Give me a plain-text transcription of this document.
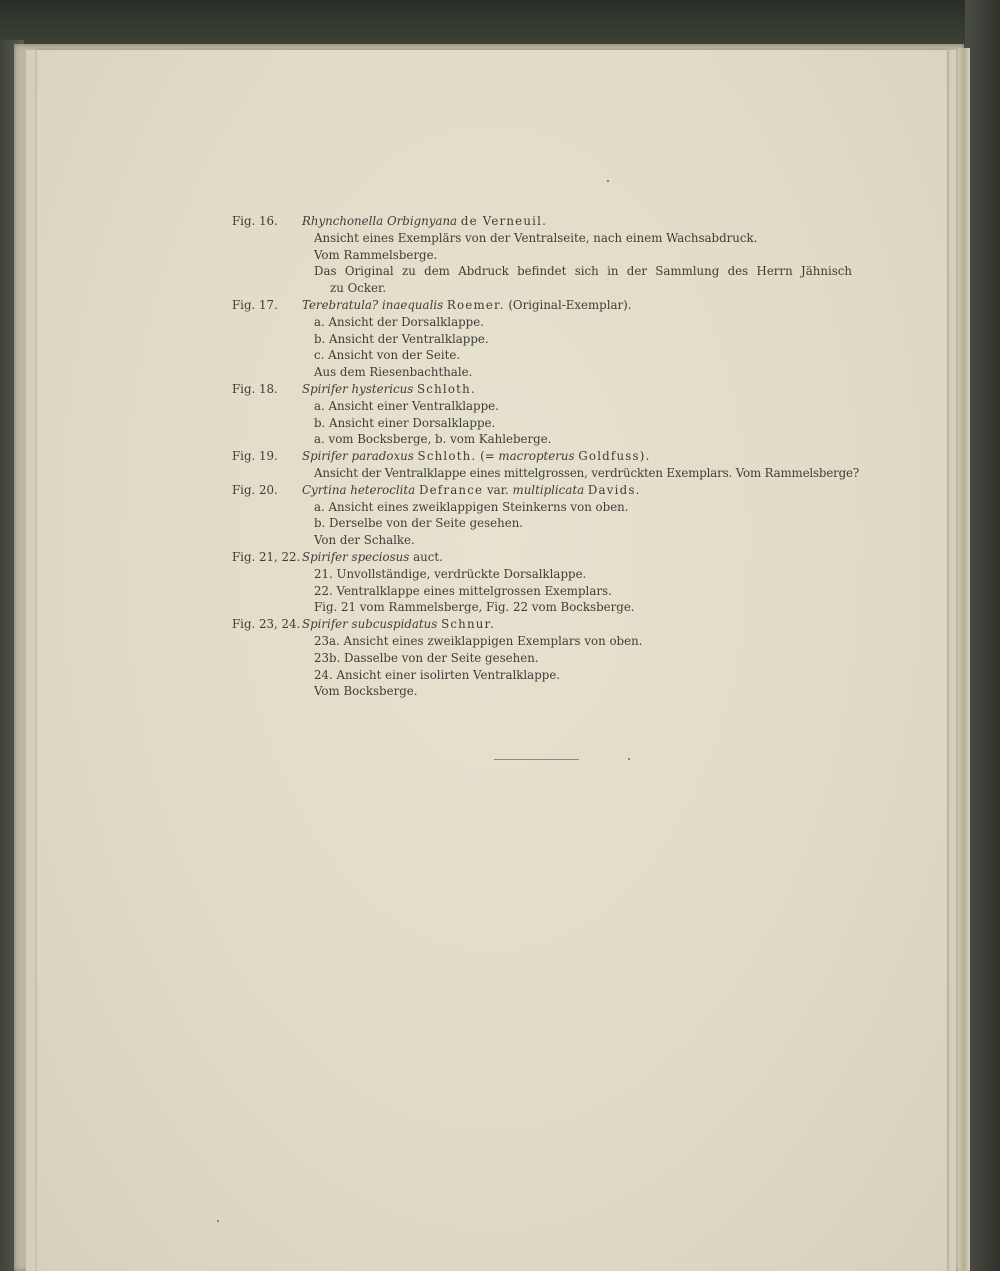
Fig. 16.	Rhynchonella Orbignyana de Verneuil.
Ansicht eines Exemplärs von der Ventralseite, nach einem Wachsabdruck.
Vom Rammelsberge.
Das Original zu dem Abdruck befindet sich in der Sammlung des Herrn Jähnisch
zu Ocker.
Fig. 17.	Terebratula? inaequalis Roemer. (Original-Exemplar).
a. Ansicht der Dorsalklappe.
b. Ansicht der Ventralklappe.
c. Ansicht von der Seite.
Aus dem Riesenbachthale.
Fig. 18.	Spirifer hystericus Schloth.
a. Ansicht einer Ventralklappe.
b. Ansicht einer Dorsalklappe.
a. vom Bocksberge, b. vom Kahleberge.
Fig. 19.	Spirifer paradoxus Schloth. (= macropterus Goldfuss).
Ansicht der Ventralklappe eines mittelgrossen, verdrückten Exemplars. Vom Rammelsberge?
Fig. 20.	Cyrtina heteroclita Defrance var. multiplicata Davids.
a. Ansicht eines zweiklappigen Steinkerns von oben.
b. Derselbe von der Seite gesehen.
Von der Schalke.
Fig. 21, 22. Spirifer speciosus auct.
21. Unvollständige, verdrückte Dorsalklappe.
22. Ventralklappe eines mittelgrossen Exemplars.
Fig. 21 vom Rammelsberge, Fig. 22 vom Bocksberge.
Fig. 23, 24. Spirifer subcuspidatus Schnur.
23a. Ansicht eines zweiklappigen Exemplars von oben.
23b. Dasselbe von der Seite gesehen.
24. Ansicht einer isolirten Ventralklappe.
Vom Bocksberge.
